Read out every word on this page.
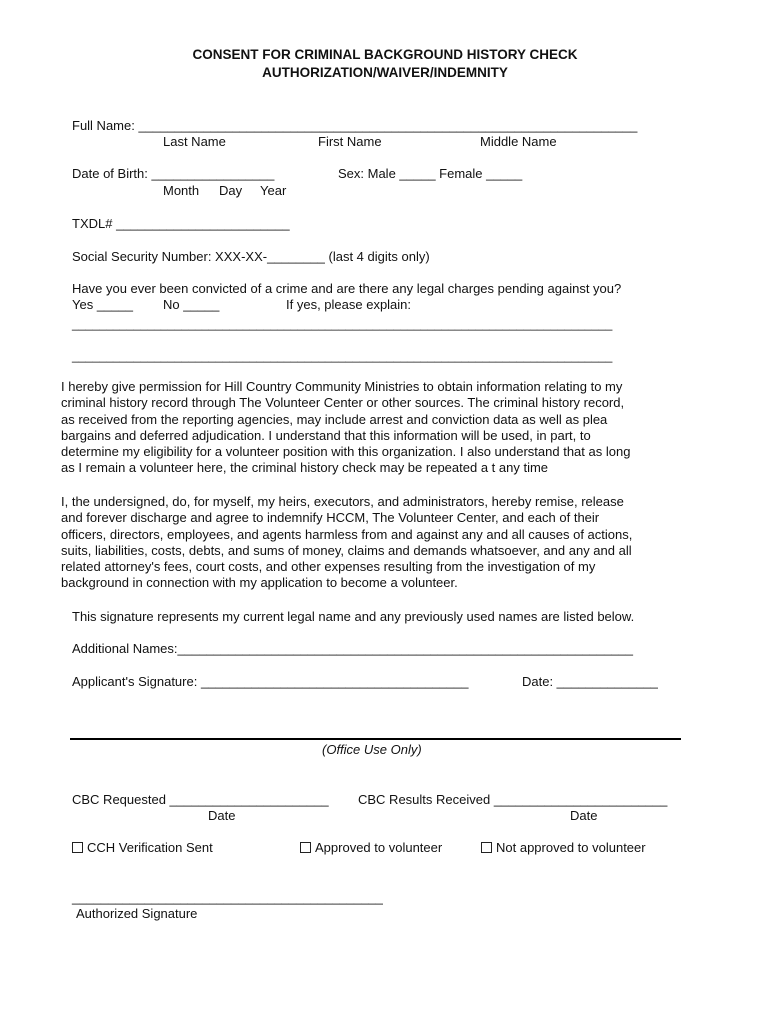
CONSENT FOR CRIMINAL BACKGROUND HISTORY CHECK
AUTHORIZATION/WAIVER/INDEMNITY
Full Name: _____________________________________________________________________
Last Name	First Name	Middle Name
Date of Birth: _________________	Sex: Male _____ Female _____
Month Day Year
TXDL# ________________________
Social Security Number: XXX-XX-________ (last 4 digits only)
Have you ever been convicted of a crime and are there any legal charges pending against you?
Yes _____ No _____	If yes, please explain:
_______________________________________________________________________________
_______________________________________________________________________________
I hereby give permission for Hill Country Community Ministries to obtain information relating to my
criminal history record through The Volunteer Center or other sources. The criminal history record,
as received from the reporting agencies, may include arrest and conviction data as well as plea
bargains and deferred adjudication. I understand that this information will be used, in part, to
determine my eligibility for a volunteer position with this organization. I also understand that as long
as I remain a volunteer here, the criminal history check may be repeated a t any time
I, the undersigned, do, for myself, my heirs, executors, and administrators, hereby remise, release
and forever discharge and agree to indemnify HCCM, The Volunteer Center, and each of their
officers, directors, employees, and agents harmless from and against any and all causes of actions,
suits, liabilities, costs, debts, and sums of money, claims and demands whatsoever, and any and all
related attorney's fees, court costs, and other expenses resulting from the investigation of my
background in connection with my application to become a volunteer.
This signature represents my current legal name and any previously used names are listed below.
Additional Names:_______________________________________________________________
Applicant's Signature: _____________________________________	Date: ______________
(Office Use Only)
CBC Requested ______________________ CBC Results Received ________________________
Date	Date
CCH Verification Sent	Approved to volunteer	Not approved to volunteer
___________________________________________
Authorized Signature
